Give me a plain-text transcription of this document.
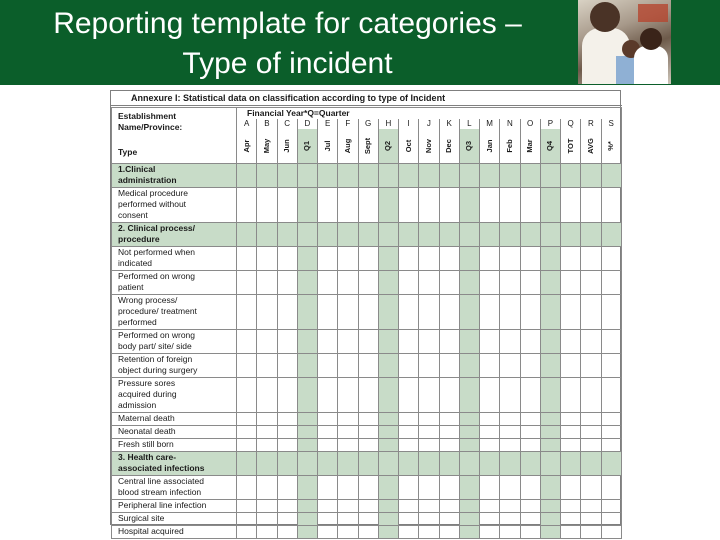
Reporting template for categories –
Type of incident
Annexure I: Statistical data on classification according to type of Incident
Establishment
Name/Province:
Type	Financial Year*Q=Quarter																		

	A	B	C	D	E	F	G	H	I	J	K	L	M	N	O	P	Q	R	S

	Apr	May	Jun	Q1	Jul	Aug	Sept	Q2	Oct	Nov	Dec	Q3	Jan	Feb	Mar	Q4	TOT	AVG	%*

1.Clinical
administration																			

Medical procedure
performed without
consent																			

2. Clinical process/
procedure																			

Not performed when
indicated																			

Performed on wrong
patient																			

Wrong process/
procedure/ treatment
performed																			

Performed on wrong
body part/ site/ side																			

Retention of foreign
object during surgery																			

Pressure sores
acquired during
admission																			

Maternal death																			

Neonatal death																			

Fresh still born																			

3. Health care-
associated infections																			

Central line associated
blood stream infection																			

Peripheral line infection																			

Surgical site																			

Hospital acquired																			
